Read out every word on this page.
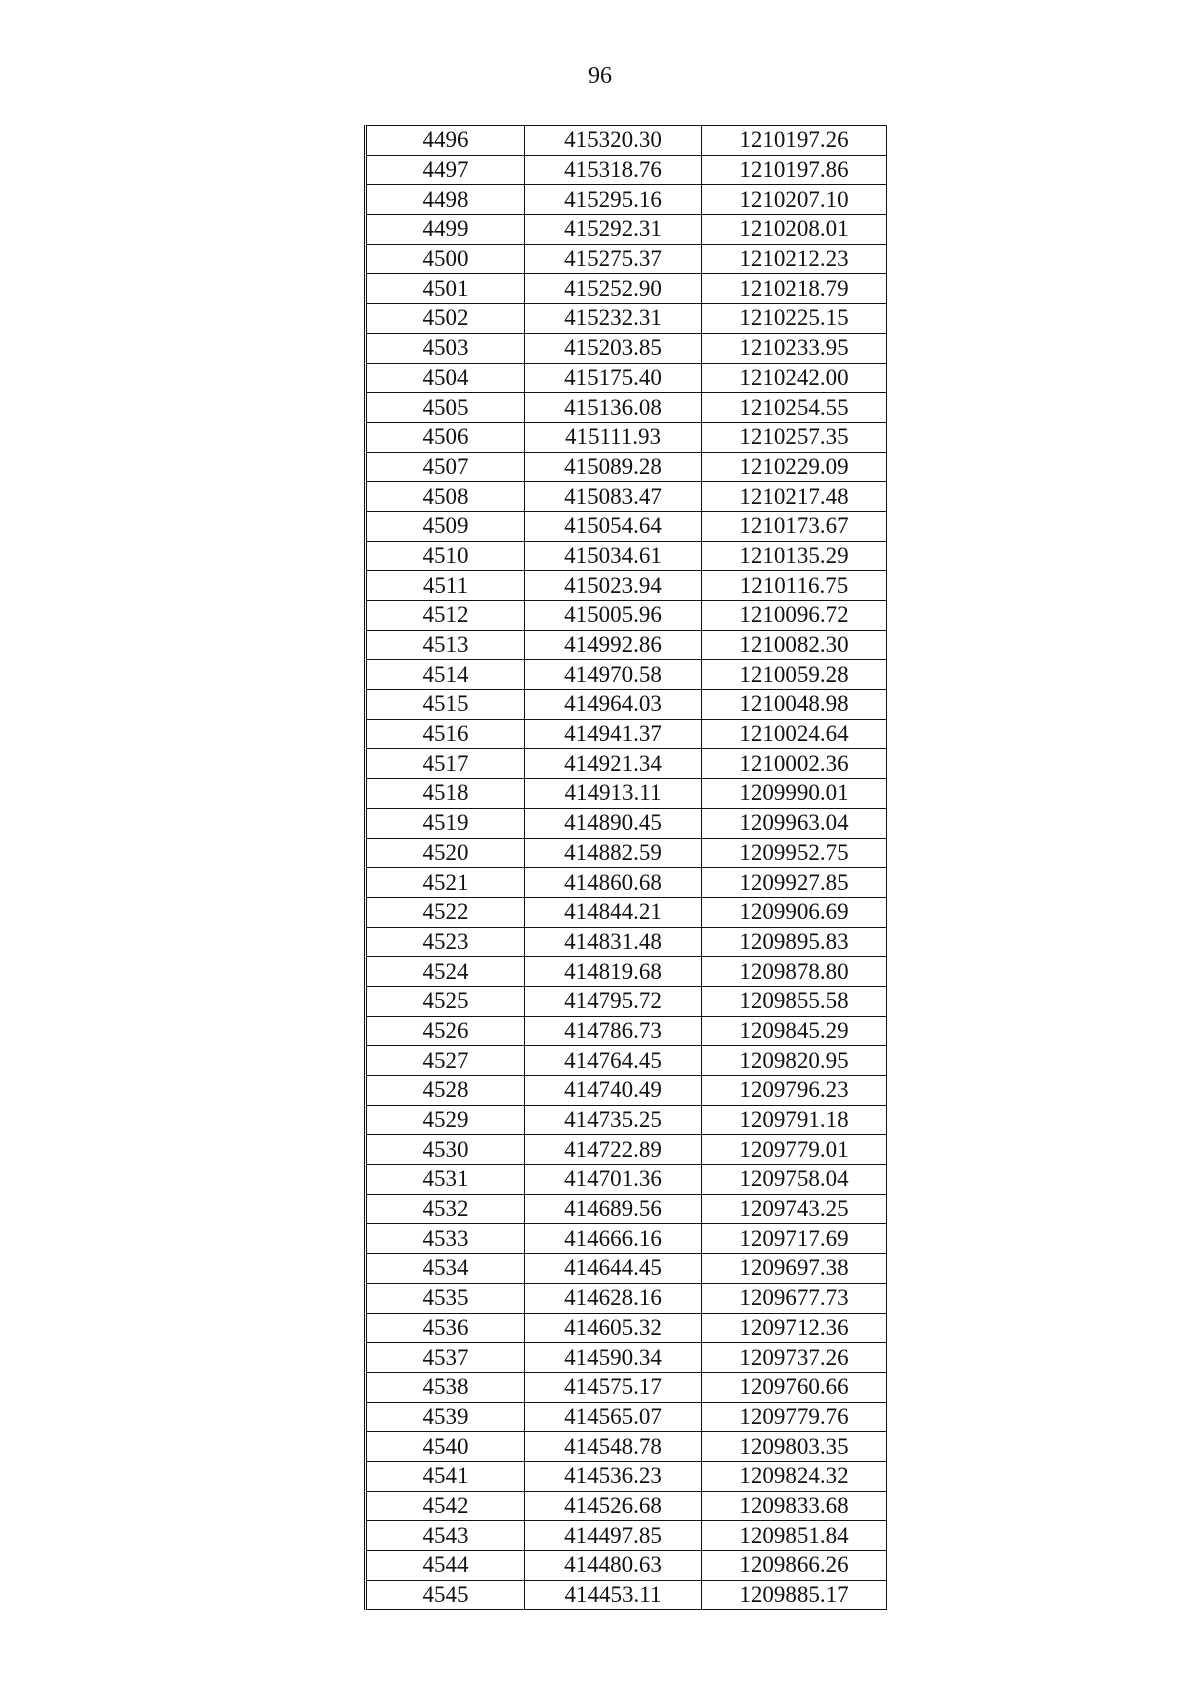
96
4496	415320.30	1210197.26
4497	415318.76	1210197.86
4498	415295.16	1210207.10
4499	415292.31	1210208.01
4500	415275.37	1210212.23
4501	415252.90	1210218.79
4502	415232.31	1210225.15
4503	415203.85	1210233.95
4504	415175.40	1210242.00
4505	415136.08	1210254.55
4506	415111.93	1210257.35
4507	415089.28	1210229.09
4508	415083.47	1210217.48
4509	415054.64	1210173.67
4510	415034.61	1210135.29
4511	415023.94	1210116.75
4512	415005.96	1210096.72
4513	414992.86	1210082.30
4514	414970.58	1210059.28
4515	414964.03	1210048.98
4516	414941.37	1210024.64
4517	414921.34	1210002.36
4518	414913.11	1209990.01
4519	414890.45	1209963.04
4520	414882.59	1209952.75
4521	414860.68	1209927.85
4522	414844.21	1209906.69
4523	414831.48	1209895.83
4524	414819.68	1209878.80
4525	414795.72	1209855.58
4526	414786.73	1209845.29
4527	414764.45	1209820.95
4528	414740.49	1209796.23
4529	414735.25	1209791.18
4530	414722.89	1209779.01
4531	414701.36	1209758.04
4532	414689.56	1209743.25
4533	414666.16	1209717.69
4534	414644.45	1209697.38
4535	414628.16	1209677.73
4536	414605.32	1209712.36
4537	414590.34	1209737.26
4538	414575.17	1209760.66
4539	414565.07	1209779.76
4540	414548.78	1209803.35
4541	414536.23	1209824.32
4542	414526.68	1209833.68
4543	414497.85	1209851.84
4544	414480.63	1209866.26
4545	414453.11	1209885.17
